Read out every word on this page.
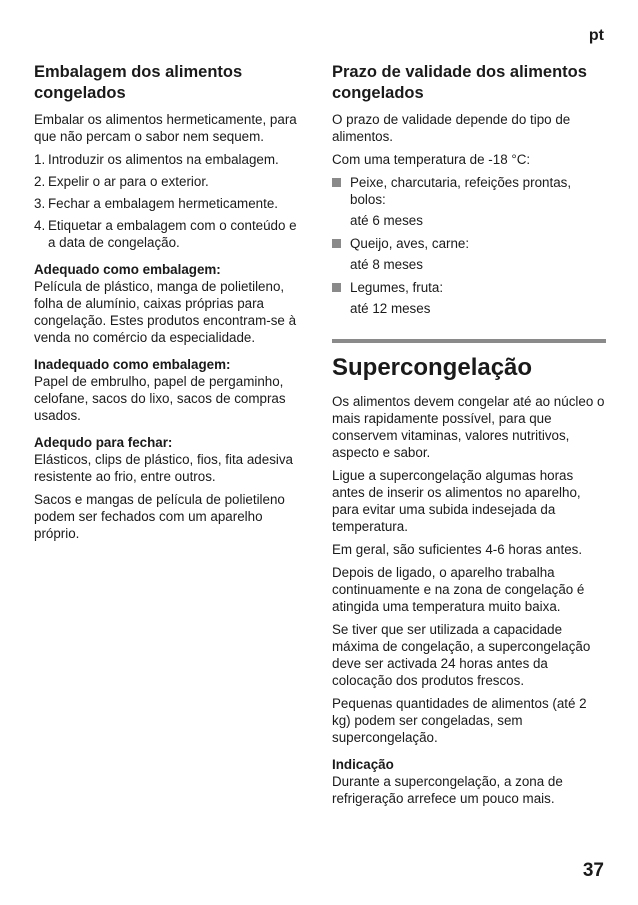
pt
Embalagem dos alimentos congelados
Embalar os alimentos hermeticamente, para que não percam o sabor nem sequem.
1. Introduzir os alimentos na embalagem.
2. Expelir o ar para o exterior.
3. Fechar a embalagem hermeticamente.
4. Etiquetar a embalagem com o conteúdo e a data de congelação.
Adequado como embalagem:
Película de plástico, manga de polietileno, folha de alumínio, caixas próprias para congelação. Estes produtos encontram-se à venda no comércio da especialidade.
Inadequado como embalagem:
Papel de embrulho, papel de pergaminho, celofane, sacos do lixo, sacos de compras usados.
Adequdo para fechar:
Elásticos, clips de plástico, fios, fita adesiva resistente ao frio, entre outros.
Sacos e mangas de película de polietileno podem ser fechados com um aparelho próprio.
Prazo de validade dos alimentos congelados
O prazo de validade depende do tipo de alimentos.
Com uma temperatura de -18 °C:
Peixe, charcutaria, refeições prontas, bolos:
até 6 meses
Queijo, aves, carne:
até 8 meses
Legumes, fruta:
até 12 meses
Supercongelação
Os alimentos devem congelar até ao núcleo o mais rapidamente possível, para que conservem vitaminas, valores nutritivos, aspecto e sabor.
Ligue a supercongelação algumas horas antes de inserir os alimentos no aparelho, para evitar uma subida indesejada da temperatura.
Em geral, são suficientes 4-6 horas antes.
Depois de ligado, o aparelho trabalha continuamente e na zona de congelação é atingida uma temperatura muito baixa.
Se tiver que ser utilizada a capacidade máxima de congelação, a supercongelação deve ser activada 24 horas antes da colocação dos produtos frescos.
Pequenas quantidades de alimentos (até 2 kg) podem ser congeladas, sem supercongelação.
Indicação
Durante a supercongelação, a zona de refrigeração arrefece um pouco mais.
37
